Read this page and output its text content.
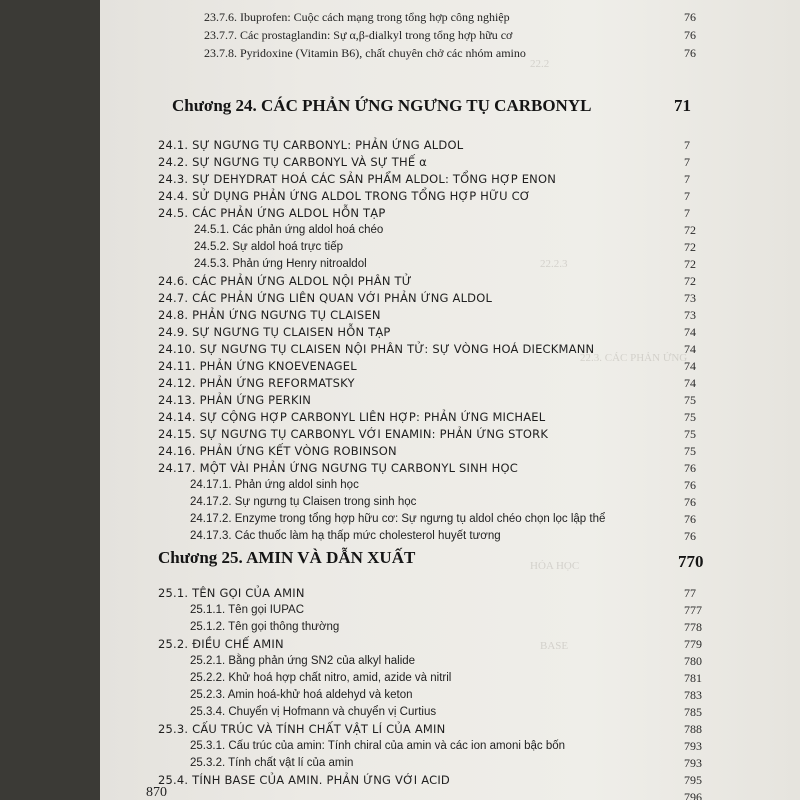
22.2
22.2.3
22.3. CÁC PHẢN ỨNG
HÓA HỌC
BASE
23.7.6. Ibuprofen: Cuộc cách mạng trong tổng hợp công nghiệp	76
23.7.7. Các prostaglandin: Sự α,β-dialkyl trong tổng hợp hữu cơ	76
23.7.8. Pyridoxine (Vitamin B6), chất chuyên chở các nhóm amino	76
Chương 24. CÁC PHẢN ỨNG NGƯNG TỤ CARBONYL	71
24.1. SỰ NGƯNG TỤ CARBONYL: PHẢN ỨNG ALDOL	7
24.2. SỰ NGƯNG TỤ CARBONYL VÀ SỰ THẾ α	7
24.3. SỰ DEHYDRAT HOÁ CÁC SẢN PHẨM ALDOL: TỔNG HỢP ENON	7
24.4. SỬ DỤNG PHẢN ỨNG ALDOL TRONG TỔNG HỢP HỮU CƠ	7
24.5. CÁC PHẢN ỨNG ALDOL HỖN TẠP	7
24.5.1. Các phản ứng aldol hoá chéo	72
24.5.2. Sự aldol hoá trực tiếp	72
24.5.3. Phản ứng Henry nitroaldol	72
24.6. CÁC PHẢN ỨNG ALDOL NỘI PHÂN TỬ	72
24.7. CÁC PHẢN ỨNG LIÊN QUAN VỚI PHẢN ỨNG ALDOL	73
24.8. PHẢN ỨNG NGƯNG TỤ CLAISEN	73
24.9. SỰ NGƯNG TỤ CLAISEN HỖN TẠP	74
24.10. SỰ NGƯNG TỤ CLAISEN NỘI PHÂN TỬ: SỰ VÒNG HOÁ DIECKMANN	74
24.11. PHẢN ỨNG KNOEVENAGEL	74
24.12. PHẢN ỨNG REFORMATSKY	74
24.13. PHẢN ỨNG PERKIN	75
24.14. SỰ CỘNG HỢP CARBONYL LIÊN HỢP: PHẢN ỨNG MICHAEL	75
24.15. SỰ NGƯNG TỤ CARBONYL VỚI ENAMIN: PHẢN ỨNG STORK	75
24.16. PHẢN ỨNG KẾT VÒNG ROBINSON	75
24.17. MỘT VÀI PHẢN ỨNG NGƯNG TỤ CARBONYL SINH HỌC	76
24.17.1. Phản ứng aldol sinh học	76
24.17.2. Sự ngưng tụ Claisen trong sinh học	76
24.17.2. Enzyme trong tổng hợp hữu cơ: Sự ngưng tụ aldol chéo chọn lọc lập thể	76
24.17.3. Các thuốc làm hạ thấp mức cholesterol huyết tương	76
Chương 25. AMIN VÀ DẪN XUẤT	770
25.1. TÊN GỌI CỦA AMIN	77
25.1.1. Tên gọi IUPAC	777
25.1.2. Tên gọi thông thường	778
25.2. ĐIỀU CHẾ AMIN	779
25.2.1. Bằng phản ứng SN2 của alkyl halide	780
25.2.2. Khử hoá hợp chất nitro, amid, azide và nitril	781
25.2.3. Amin hoá-khử hoá aldehyd và keton	783
25.3.4. Chuyển vị Hofmann và chuyển vị Curtius	785
25.3. CẤU TRÚC VÀ TÍNH CHẤT VẬT LÍ CỦA AMIN	788
25.3.1. Cấu trúc của amin: Tính chiral của amin và các ion amoni bậc bốn	793
25.3.2. Tính chất vật lí của amin	793
25.4. TÍNH BASE CỦA AMIN. PHẢN ỨNG VỚI ACID	795
796
870
